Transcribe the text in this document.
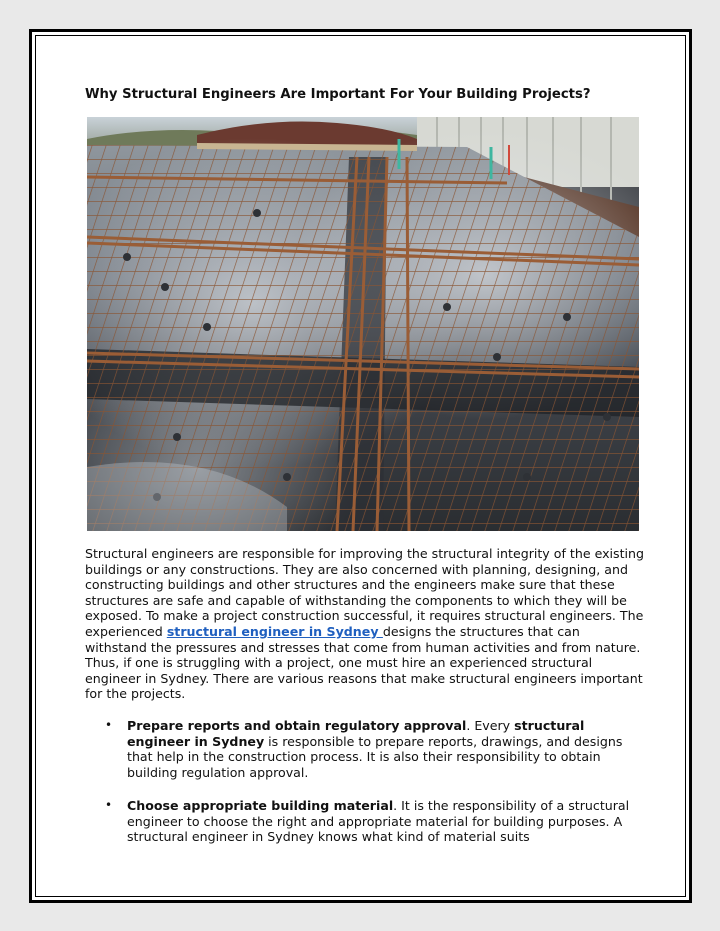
Why Structural Engineers Are Important For Your Building Projects?

Structural engineers are responsible for improving the structural integrity of the existing buildings or any constructions. They are also concerned with planning, designing, and constructing buildings and other structures and the engineers make sure that these structures are safe and capable of withstanding the components to which they will be exposed. To make a project construction successful, it requires structural engineers. The experienced structural engineer in Sydney designs the structures that can withstand the pressures and stresses that come from human activities and from nature. Thus, if one is struggling with a project, one must hire an experienced structural engineer in Sydney. There are various reasons that make structural engineers important for the projects.

• Prepare reports and obtain regulatory approval. Every structural engineer in Sydney is responsible to prepare reports, drawings, and designs that help in the construction process. It is also their responsibility to obtain building regulation approval.
• Choose appropriate building material. It is the responsibility of a structural engineer to choose the right and appropriate material for building purposes. A structural engineer in Sydney knows what kind of material suits
